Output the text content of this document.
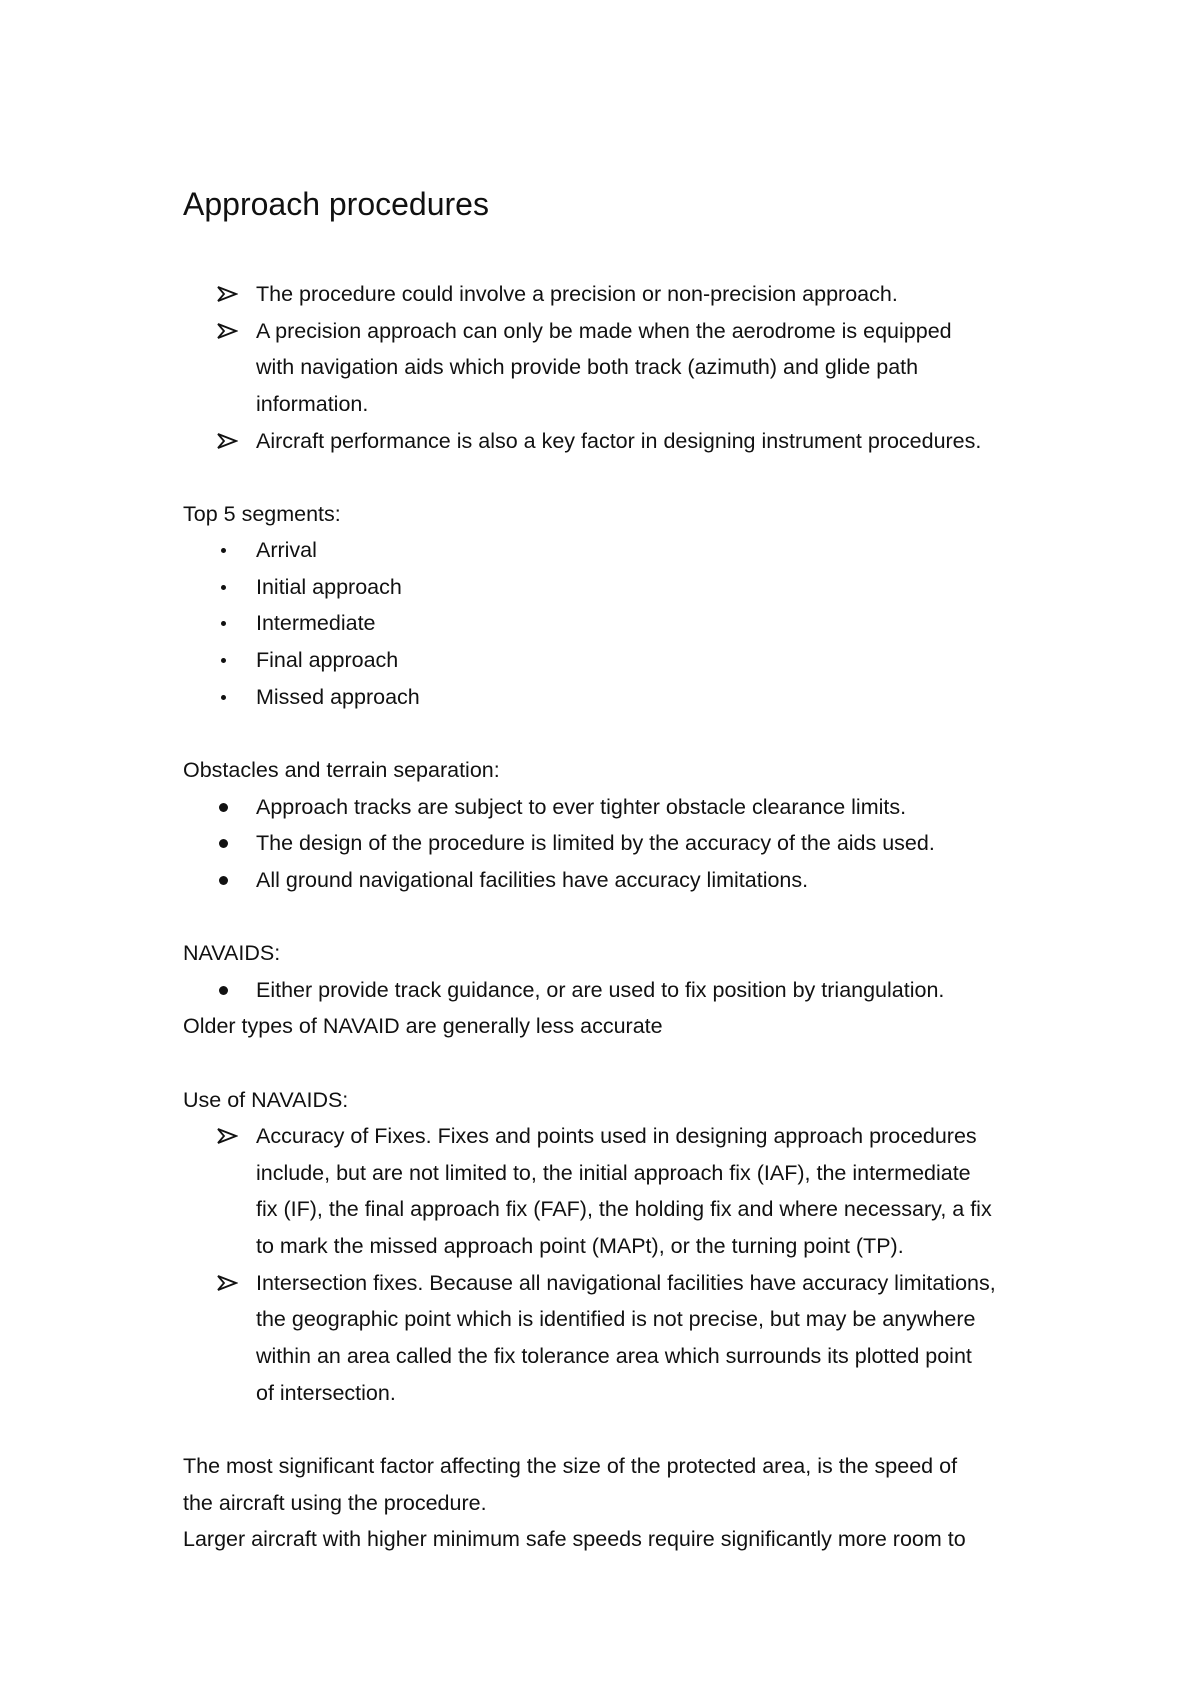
Approach procedures
The procedure could involve a precision or non-precision approach.
A precision approach can only be made when the aerodrome is equipped
with navigation aids which provide both track (azimuth) and glide path
information.
Aircraft performance is also a key factor in designing instrument procedures.
Top 5 segments:
Arrival
Initial approach
Intermediate
Final approach
Missed approach
Obstacles and terrain separation:
Approach tracks are subject to ever tighter obstacle clearance limits.
The design of the procedure is limited by the accuracy of the aids used.
All ground navigational facilities have accuracy limitations.
NAVAIDS:
Either provide track guidance, or are used to fix position by triangulation.
Older types of NAVAID are generally less accurate
Use of NAVAIDS:
Accuracy of Fixes. Fixes and points used in designing approach procedures
include, but are not limited to, the initial approach fix (IAF), the intermediate
fix (IF), the final approach fix (FAF), the holding fix and where necessary, a fix
to mark the missed approach point (MAPt), or the turning point (TP).
Intersection fixes. Because all navigational facilities have accuracy limitations,
the geographic point which is identified is not precise, but may be anywhere
within an area called the fix tolerance area which surrounds its plotted point
of intersection.
The most significant factor affecting the size of the protected area, is the speed of
the aircraft using the procedure.
Larger aircraft with higher minimum safe speeds require significantly more room to
